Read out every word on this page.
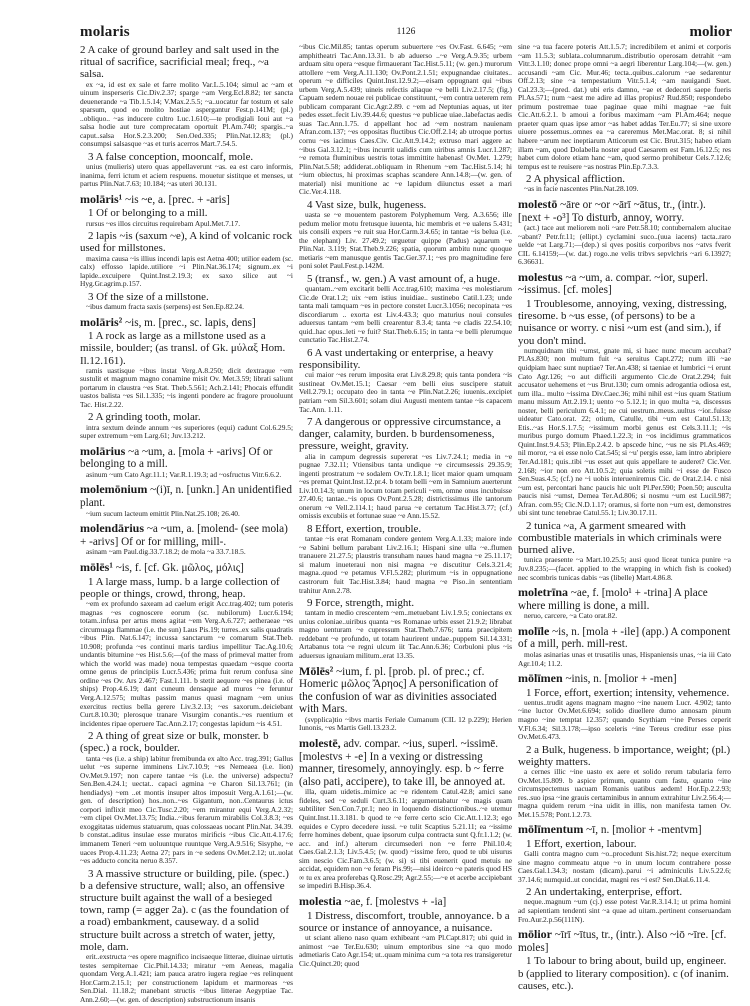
molaris	1126	molior
2 A cake of ground barley and salt used in the ritual of sacrifice, sacrificial meal; freq., ~a salsa.
ex ~a, id est ex sale et farre molito Var.L.5.104; simul ac ~am et uinum insperseris Cic.Div.2.37; sparge ~am Verg.Ecl.8.82; ter sancta deuenerande ~a Tib.1.5.14; V.Max.2.5.5; ~a..uocatur far tostum et sale sparsum, quod eo molito hostiae aspergantur Fest.p.141M; (pl.) ..obliquo.. ~as inducere cultro Luc.1.610;—te prodigiali Ioui aut ~a salsa hodie aut ture comprecatam oportuit Pl.Am.740; spargis..~a caput..salsa Hor.S.2.3.200; Sen.Oed.335; Plin.Nat.12.83; (pl.) consumpsi salsasque ~as et turis acerros Mart.7.54.5.
3 A false conception, mooncalf, mole.
unius (mulieris) utero quas appellaverunt ~as. ea est caro informis, inanima, ferri ictum et aciem respuens. mouetur sistitque et menses, ut partus Plin.Nat.7.63; 10.184; ~as uteri 30.131.
molāris¹ ~is ~e, a. [prec. + -aris]
1 Of or belonging to a mill.
rursus ~es illos circuitus requirebam Apul.Met.7.17.
2 lapis ~is (saxum ~e), A kind of volcanic rock used for millstones.
maxima causa ~is illius incendi lapis est Aetna 400; utilior eadem (sc. calx) effosso lapide..utiliore ~i Plin.Nat.36.174; signum..ex ~i lapide..excuipere Quint.Inst.2.19.3; ex saxo silice aut ~i Hyg.Gr.agrim.p.157.
3 Of the size of a millstone.
~ibus damum fracta saxis (serpens) est Sen.Ep.82.24.
molāris² ~is, m. [prec., sc. lapis, dens]
1 A rock as large as a millstone used as a missile, boulder; (as transl. of Gk. μύλαξ Hom. Il.12.161).
ramis uastisque ~ibus instat Verg.A.8.250; dicit dextraque ~em sustulit et magnum magno conamine misit Ov. Met.3.59; librati saliunt portarum in claustra ~es Stat. Theb.5.561; Ach.2.141; Phocais effundit uastos balista ~es Sil.1.335; ~is ingenti pondere ac fragore prouoluunt Tac. Hist.2.22.
2 A grinding tooth, molar.
intra sextum deinde annum ~es superiores (equi) cadunt Col.6.29.5; super extremum ~em Larg.61; Juv.13.212.
molārius ~a ~um, a. [mola + -arivs] Of or belonging to a mill.
asinum ~um Cato Agr.11.1; Var.R.1.19.3; ad ~osfructus Vitr.6.6.2.
molemōnium ~(i)ī, n. [unkn.] An unidentified plant.
~ium sucum lacteum emittit Plin.Nat.25.108; 26.40.
molendārius ~a ~um, a. [molend- (see mola) + -arivs] Of or for milling, mill-.
asinam ~am Paul.dig.33.7.18.2; de mola ~a 33.7.18.5.
mōlēs¹ ~is, f. [cf. Gk. μῶλος, μόλις]
1 A large mass, lump. b a large collection of people or things, crowd, throng, heap.
~em ex profundo saxeam ad caelum erigit Acc.trag.402; tum poteris magnas ~es cognoscere eorum (sc. nubilorum) Lucr.6.194; totam..infusa per artus mens agitat ~em Verg.A.6.727; aetheraeae ~es circumuaga flammae (i.e. the sun) Laus Pis.19; turres..ex salis quadratis ~ibus Plin. Nat.6.147; incussa sanctarum ~e comarum Stat.Theb. 10.908; profunda ~es continui maris tardius impellitur Tac.Ag.10.6; undantis bitumine ~es Hist.5.6;—(of the mass of primeval matter from which the world was made) noua tempestas quaedam ~esque coorta omne genus de principiis Lucr.5.436; prima fuit rerum confusa sine ordine ~es Ov. Ars 2.467; Fast.1.111. b stetit aequore ~es pinea (i.e. of ships) Prop.4.6.19; dant cuneum densaque ad muros ~e feruntur Verg.A.12.575; multas passim manus quasi magnam ~em unius exercitus rectius bella gerere Liv.3.2.13; ~es saxorum..deiciebant Curt.8.10.30; plerosque tranare Visurgim conantis..~es ruentium et incidentes ripae operuere Tac.Ann.2.17; congestas lapidum ~is 4.51.
2 A thing of great size or bulk, monster. b (spec.) a rock, boulder.
tanta ~es (i.e. a ship) labitur fremibunda ex alto Acc. trag.391; Gallus uelut ~es superne imminens Liv.7.10.9; ~es Nemeaea (i.e. lion) Ov.Met.9.197; non capere tantae ~is (i.e. the universe) adspectu? Sen.Ben.4.24.1; uectat.. capaci agmina ~e Charon Sil.13.761; (in hendiadys) ~em ..et montis insuper altos imposuit Verg.A.1.61;—(w. gen. of description) hos..non..~es Gigantum, non..Centaurus ictus corpori inflixit meo Cic.Tusc.2.20; ~em mirantur equi Verg.A.2.32; ~em clipei Ov.Met.13.75; India..~ibus ferarum mirabilis Col.3.8.3; ~es exoggitatas uidemus statuarum, quas colossaeas uocant Plin.Nat. 34.39. b constat..aditus insulae esse muratos miriﬁcis ~ibus Cic.Att.4.17.6; immanem Teneri ~em uoluuntque ruuntque Verg.A.9.516; Sisyphe, ~e uaces Prop.4.11.23; Aetna 27; pars in ~e sedens Ov.Met.2.12; ut..uolat ~es adducto concita neruo 8.357.
3 A massive structure or building, pile. (spec.) b a defensive structure, wall; also, an offensive structure built against the wall of a besieged town, ramp (= agger 2a). c (as the foundation of a road) embankment, causeway. d a solid structure built across a stretch of water, jetty, mole, dam.
erit..exstructa ~es opere magnifico incisaeque litterae, diuinae uirtutis testes sempiternae Cic.Phil.14.33; miratur ~em Aeneas, magalia quondam Verg.A.1.421; iam pauca aratro iugera regiae ~es relinquent Hor.Carm.2.15.1; per constructionem lapidum et marmoreas ~es Sen.Dial. 11.18.2; manebant structis ~ibus litterae Aegyptiae Tac. Ann.2.60;—(w. gen. of description) substructionum insanis
~ibus Cic.Mil.85; tantas operum subuertere ~es Ov.Fast. 6.645; ~em amphitheatri Tac.Ann.13.31. b ab aduerso ..~e Verg.A.9.35; urbem arduam situ opera ~esque firmauerant Tac.Hist.5.11; (w. gen.) murorum attollere ~em Verg.A.11.130; Ov.Pont.2.1.51; expugnandae ciuitates.. operum ~e difficiles Quint.Inst.12.9.2;—eisam oppugnant qui ~ibus urbem Verg.A.5.439; uineis refectis aliaque ~e belli Liv.2.17.5; (fig.) Capuam sedem nouae rei publicae constituunt, ~em contra ueterem rem publicam comparant Cic.Agr.2.89. c ~em ad Neptunias aquas, ut iter pedes esset..fecit Liv.39.44.6; questus ~e publicae uiae..labefactas aedis suas Tac.Ann.1.75. d appellant hoc ad ~em nostram nauienam Afran.com.137; ~es oppositas fluctibus Cic.Off.2.14; ab utroque portus cornu ~es iacimus Caes.Civ. Cic.Att.9.14.2; extruso mari aggere ac ~ibus Gal.3.12.1; ~ibus incurrit ualidis cum uiribus amnis Lucr.1.287; ~e remota fluminibus uestris totas immittite habenas! Ov.Met. 1.279; Plin.Nat.5.58; addiderat..obliquam in Rhenum ~em Tac.Hist.5.14; hi ~ium obiectus, hi proximas scaphas scandere Ann.14.8;—(w. gen. of material) nisi munitione ac ~e lapidum diiunctus esset a mari Cic.Ver.4.118.
4 Vast size, bulk, hugeness.
uasta se ~e mouentem pastorem Polyphemum Verg. A.3.656; ille pedum melior motu fretusque iuuenta, hic membris et ~e ualens 5.431; uis consili expers ~e ruit sua Hor.Carm.3.4.65; in tantae ~is belua (i.e. the elephant) Liv. 27.49.2; urguetur quippe (Padus) aquarum ~e Plin.Nat. 3.119; Stat.Theb.9.226; spatia, quorum ambitu nunc quoque metiaris ~em manusque gentis Tac.Ger.37.1; ~es pro magnitudine fere poni solet Paul.Fest.p.142M.
5 (transf., w. gen.) A vast amount of, a huge.
quantam..~em excitarit belli Acc.trag.610; maxima ~es molestiarum Cic.de Orat.1.2; uix ~em istius inuidiae.. sustinebo Catil.1.23; unde tanta mali tamquam ~es in pectore constet Lucr.3.1056; necopinata ~es discordiarum .. exorta est Liv.4.43.3; quo maturius noui consules aduersus tantam ~em belli crearentur 8.3.4; tanta ~e cladis 22.54.10; quid..hac opus..leti ~e fuit? Stat.Theb.6.15; in tanta ~e belli plerumque cunctatio Tac.Hist.2.74.
6 A vast undertaking or enterprise, a heavy responsibility.
cui maior ~es rerum imposita erat Liv.8.29.8; quis tanta pondera ~is sustineat Ov.Met.15.1; Caesar ~em belli eius suscipere statuit Vell.2.79.1; occupato deo in tanta ~e Plin.Nat.2.26; iuuenis..excipiet patriam ~em Sil.3.601; solam diui Augusti mentem tantae ~is capacem Tac.Ann. 1.11.
7 A dangerous or oppressive circumstance, a danger, calamity, burden. b burdensomeness, pressure, weight, gravity.
alia in campum degressis supererat ~es Liv.7.24.1; media in ~e pugnae 7.32.11; Vtiensibus tanta undique ~e circumsessis 29.35.9; ingenti prostratum ~e sodalem Ov.Tr.1.8.1; licet maior quam umquam ~es premat Quint.Inst.12.pr.4. b totam belli ~em in Samnium auerterunt Liv.10.14.3; unum in locum totam periculi ~em, omne onus incubuisse 27.40.6; tantae..~is opus Ov.Pont.2.5.28; districtissimus ille tantorum onerum ~e Vell.2.114.1; haud parua ~e certatum Tac.Hist.3.77; (cf.) omissis excubiis et fortunae suae ~e Ann.15.52.
8 Effort, exertion, trouble.
tantae ~is erat Romanam condere gentem Verg.A.1.33; maiore inde ~e Sabini bellum parabant Liv.2.16.1; Hispani sine ulla ~e..flumen tranauere 21.27.5; plaustris transuham naues haud magna ~e 25.11.17; si malum inueteraui non nisi magna ~e discutitur Cels.3.21.4; magna..quod ~e petamus V.Fl.5.282; plurimum ~is in oppugnatione castrorum fuit Tac.Hist.3.84; haud magna ~e Piso..in sententiam trahitur Ann.2.78.
9 Force, strength, might.
tantam in medio crescentem ~em..metuebant Liv.1.9.5; coniectans ex unius coloniae..uiribus quanta ~es Romanae urbis esset 21.9.2; librabat magno uenturam ~e cupressum Stat.Theb.7.676; tanta praecipitem reddebant ~e profundo, ut totam haurirent undae..puppem Sil.14.331; Artabanus tota ~e regni ulcum iit Tac.Ann.6.36; Corbuloni plus ~is aduersus ignauiam militum..erat 13.35.
Mōlēs² ~ium, f. pl. [prob. pl. of prec.; cf. Homeric μῶλος Ἄρηος] A personification of the confusion of war as divinities associated with Mars.
(svpplica)tio ~ibvs martis Feriale Cumanum (CIL 12 p.229); Herien Iunonis, ~es Martis Gell.13.23.2.
molestē, adv. compar. ~ius, superl. ~issimē. [molestvs + -e] In a vexing or distressing manner, tiresomely, annoyingly. esp. b ~ ferre (also pati, accipere), to take ill, be annoyed at.
illa, quam uidetis..mimice ac ~e ridentem Catul.42.8; amici sane fideles, sed ~e seduli Curt.3.6.11; argumentabatur ~e magis quam subtiliter Sen.Con.7.pr.1; neo in loquendo distinctionibus..~e utemur Quint.Inst.11.3.181. b quod te ~e ferre certo scio Cic.Att.1.12.3; ego equides e Cypro decedere iussi. ~e tulit Scaptius 5.21.11; ea ~issime ferre homines debent, quae ipsorum culpa contracta sunt Q.fr.1.1.2; (w. acc. and inf.) alterum circumsederi non ~e ferre Phil.10.4; Caes.Gal.2.1.3; Liv.5.4.5; (w. quod) ~issime fero, quod te ubi uisurus sim nescio Cic.Fam.3.6.5; (w. si) si tibi euenerit quod metuis ne accidat, equidem non ~e feram Pis.99;—nisi ideirco ~e pateris quod HS ∞ tu ex area proferebas Q.Rosc.29; Agr.2.55;—~e et acerbe accipiebant se impediri B.Hisp.36.4.
molestia ~ae, f. [molestvs + -ia]
1 Distress, discomfort, trouble, annoyance. b a source or instance of annoyance, a nuisance.
ut sciant alieno naso quam exhibeant ~am Pl.Capt.817; ubi quid in animost ~ae Ter.Eu.630; uinum emptoribus sine ~a quo modo admetiaris Cato Agr.154; ut..quam minima cum ~a tota res transigeretur Cic.Quinct.20; quod
sine ~a tua facere poteris Att.1.5.7; incredibilem et animi et corporis ~am 11.5.3; sublata..columnarum..distributio operosam detrahit ~am Vitr.3.1.10; donec prope omni ~a aegri liberentur Larg.104;—(w. gen.) accusandi ~am Cic. Mur.46; tecta..quibus..calorum ~ae sedarentur Off.2.13; sine ~a tempestatium Vitr.5.1.4; ~am nauigandi Suet. Cal.23.3;—(pred. dat.) ubi eris damno, ~ae et dedecori saepe fueris Pl.As.571; num ~aest me adire ad illas propius? Rud.850; respondebo primum postremae tuae paginae quae mihi magnae ~ae fuit Cic.Att.6.2.1. b amoui a foribus maximam ~am Pl.Am.464; neque praeter quam quas ipse amor ~as habet addas Ter.Eu.77; si sine uxore uiuere possemus..omnes ea ~a careremus Met.Mac.orat. 8; si nihil habere ~arum nec ineptiarum Atticorum est Cic. Brut.315; habeo etiam illam ~am, quod Dolabella noster apud Caesarem est Fam.16.12.5; res habet cum dolore etiam hanc ~am, quod sermo prohibetur Cels.7.12.6; tempus est te reuisere ~as nostras Plin.Ep.7.3.3.
2 A physical affliction.
~as in facie nascentes Plin.Nat.28.109.
molestō ~āre or ~or ~ārī ~ātus, tr., (intr.). [next + -o³] To disturb, annoy, worry.
(act.) tace aut meliorem noli ~are Petr.58.10; contubernalem alucitae ~abant? Petr.fr.11; (ellipt.) cyclamini suco..(uua iacens) tacta..raro uelde ~at Larg.71;—(dep.) si qves positis corporibvs nos ~atvs fverit CIL 6.14159;—(w. dat.) rogo..ne velis tribvs sepvlchris ~ari 6.13927; 6.36631.
molestus ~a ~um, a. compar. ~ior, superl. ~issimus. [cf. moles]
1 Troublesome, annoying, vexing, distressing, tiresome. b ~us esse, (of persons) to be a nuisance or worry. c nisi ~um est (and sim.), if you don't mind.
numquidnam tibi ~umst, gnate mi, si haec nunc mecum accubat? Pl.As.830; non multum fuit ~a seruitus Capt.272; num illi ~ae quidpiam haec sunt nuptiae? Ter.An.438; si taeniae et lumbrici ~i erunt Cato Agr.126; ~o aut difficili argumento Cic.de Orat.2.294; fuit accusator uehemens et ~us Brut.130; cum omnis adrogantia odiosa est, tum illa.. multo ~issima Div.Caec.36; mihi nihil est ~ius quam Statium manu missum Att.2.19.1; uento ~o 5.12.1; in quo multa ~a, discessus noster, belli periculum 6.4.1; ne cui uestrum..meus..uultus ~ior..fuisse uideatur Cato.orat. 22; otium, Catulle, tibi ~um est Catul.51.13; Etis..~as Hor.S.1.7.5; ~issimum morbi genus est Cels.3.11.1; ~is muribus purgo domum Phaed.1.22.3; in ~os incidimus grammaticos Quint.Inst.9.4.53; Plin.Ep.2.4.2. b apscede hinc, ~us ne sis Pl.As.469; nil moror, ~a ei esse nolo Cat.545; si ~u' pergis esse, iam intro abripiere Ter.Ad.181; quis..tibi ~us esset aut quis appellare te auderet? Cic.Ver. 2.168; ~ior non ero Att.10.5.2; quia soletis mihi ~i esse de Fusco Sen.Suas.4.5; (cf.) ne ~i uobis interueniremus Cic. de Orat.2.14. c nisi ~um est, percontari hanc paucis hic uolt Pl.Per.590; Poen.50; ausculta paucis nisi ~umst, Demea Ter.Ad.806; si nosmu ~um est Lucil.987; Afran. com.95; Cic.N.D.1.17; oramus, si forte non ~um est, demonstres ubi sint tunc tenebrae Catul.55.1; Liv.30.17.11.
2 tunica ~a, A garment smeared with combustible materials in which criminals were burned alive.
tunica praesente ~a Mart.10.25.5; ausi quod liceat tunica punire ~a Juv.8.235;—(facet. applied to the wrapping in which fish is cooked) nec scombris tunicas dabis ~as (libelle) Mart.4.86.8.
moletrīna ~ae, f. [molo¹ + -trina] A place where milling is done, a mill.
neruo, carcere, ~a Cato orat.82.
molīle ~is, n. [mola + -ile] (app.) A component of a mill, perh. mill-rest.
molas asinarias unas et trusatilis unas, Hispaniensis unas, ~ia iii Cato Agr.10.4; 11.2.
mōlīmen ~inis, n. [molior + -men]
1 Force, effort, exertion; intensity, vehemence.
uentus..trudit agens magnam magno ~ine nauem Lucr. 4.902; tanto ~ine luctor Ov.Met.6.694; solido diuellere dumo annosam pinum magno ~ine temptat 12.357; quando Scythiam ~ine Perses ceperit V.Fl.6.34; Sil.3.178;—ipso sceleris ~ine Tereus creditur esse pius Ov.Met.6.473.
2 a Bulk, hugeness. b importance, weight; (pl.) weighty matters.
a cernes illic ~ine uasto ex aere et solido rerum tabularia ferro Ov.Met.15.809. b aspice primum, quanto cum fastu, quanto ~ine circumspectemus uacuam Romanis uatibus aedem! Hor.Ep.2.2.93; res..suo ipsa ~ine grauis certaminibus in annum extrahitur Liv.2.56.4;—magna quidem rerum ~ina uidit in illis, non manifesta tamen Ov. Met.15.578; Pont.1.2.73.
mōlīmentum ~ī, n. [molior + -mentvm]
1 Effort, exertion, labour.
Galli contra magno cum ~o..procedunt Sis.hist.72; neque exercitum sine magno commeatu atque ~o in unum locum contrahere posse Caes.Gal.1.34.3; nostam (dicam)..parui ~i adminiculis Liv.5.22.6; 37.14.6; numquid..ut concidat, magni res ~i est? Sen.Dial.6.11.4.
2 An undertaking, enterprise, effort.
neque..magnum ~um (cj.) esse potest Var.R.3.14.1; ut prima homini ad sapientiam tendenti sint ~a quae ad uitam..pertinent conseruandam Fro.Aur.2.p.56(111N).
mōlior ~īrī ~ītus, tr., (intr.). Also ~iō ~īre. [cf. moles]
1 To labour to bring about, build up, engineer. b (applied to literary composition). c (of inanim. causes, etc.).
